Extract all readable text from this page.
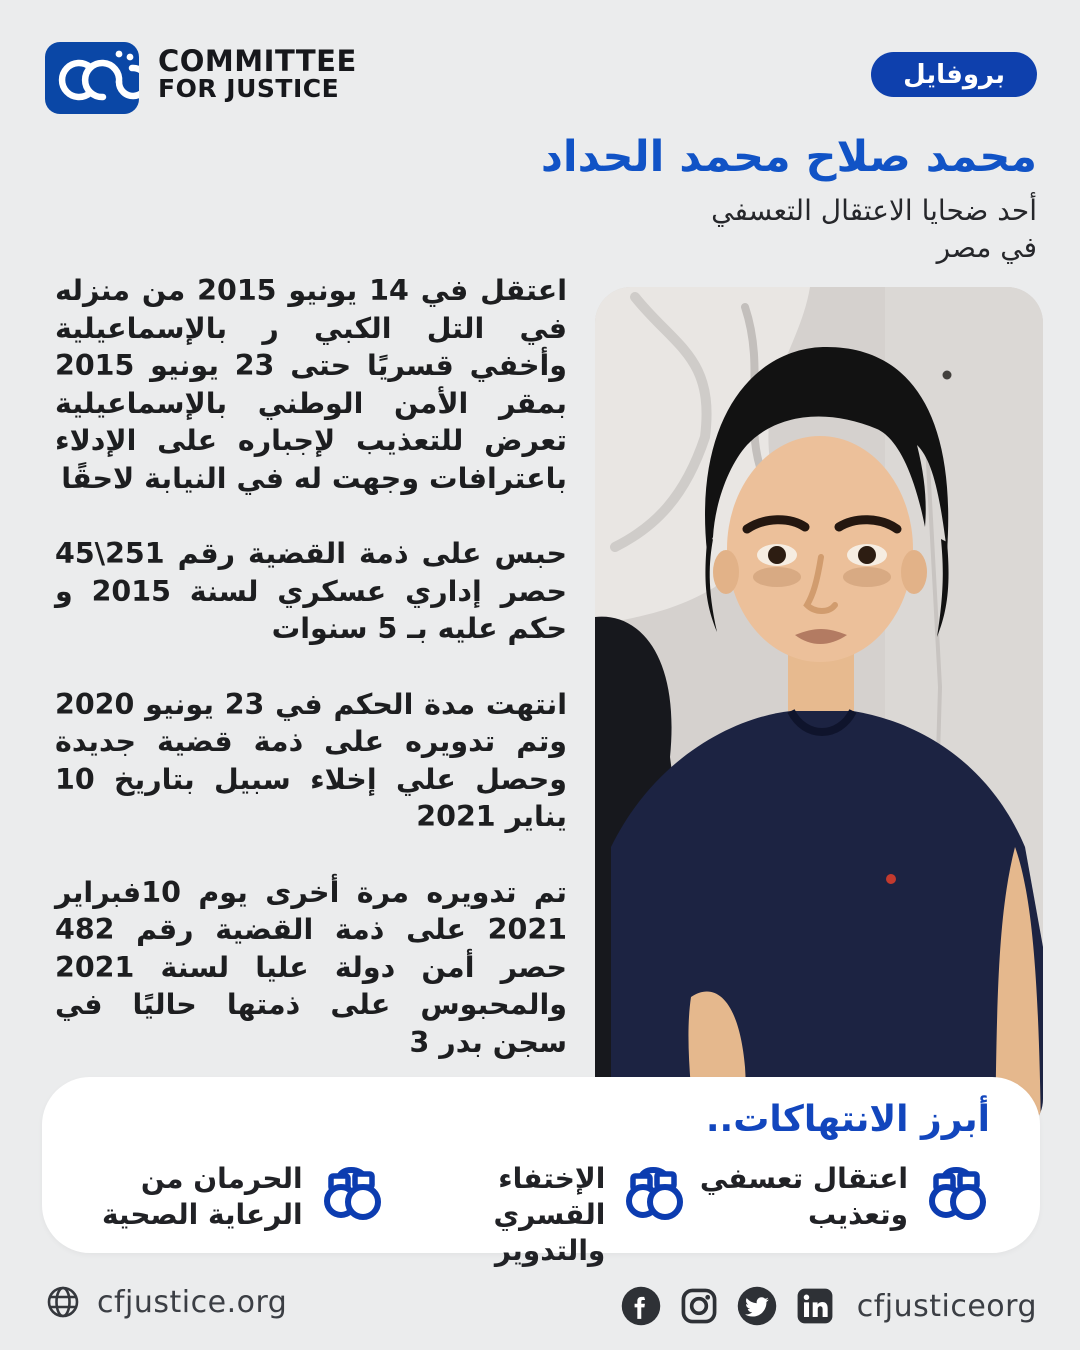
COMMITTEE
FOR JUSTICE	بروفايل
محمد صلاح محمد الحداد

أحد ضحايا الاعتقال التعسفي

في مصر

اعتقل في 14 يونيو 2015 من منزله في التل الكبي ر بالإسماعيلية وأخفي قسريًا حتى 23 يونيو 2015 بمقر الأمن الوطني بالإسماعيلية تعرض للتعذيب لإجباره على الإدلاء باعترافات وجهت له في النيابة لاحقًا

حبس على ذمة القضية رقم 251\45 حصر إداري عسكري لسنة 2015 و حكم عليه بـ 5 سنوات

انتهت مدة الحكم في 23 يونيو 2020 وتم تدويره على ذمة قضية جديدة وحصل علي إخلاء سبيل بتاريخ 10 يناير 2021

تم تدويره مرة أخرى يوم 10فبراير 2021 على ذمة القضية رقم 482 حصر أمن دولة عليا لسنة 2021 والمحبوس على ذمتها حاليًا في سجن بدر 3

أبرز الانتهاكات..
اعتقال تعسفي وتعذيب
الإختفاء القسري والتدوير
الحرمان من الرعاية الصحية
cfjustice.org	cfjusticeorg
